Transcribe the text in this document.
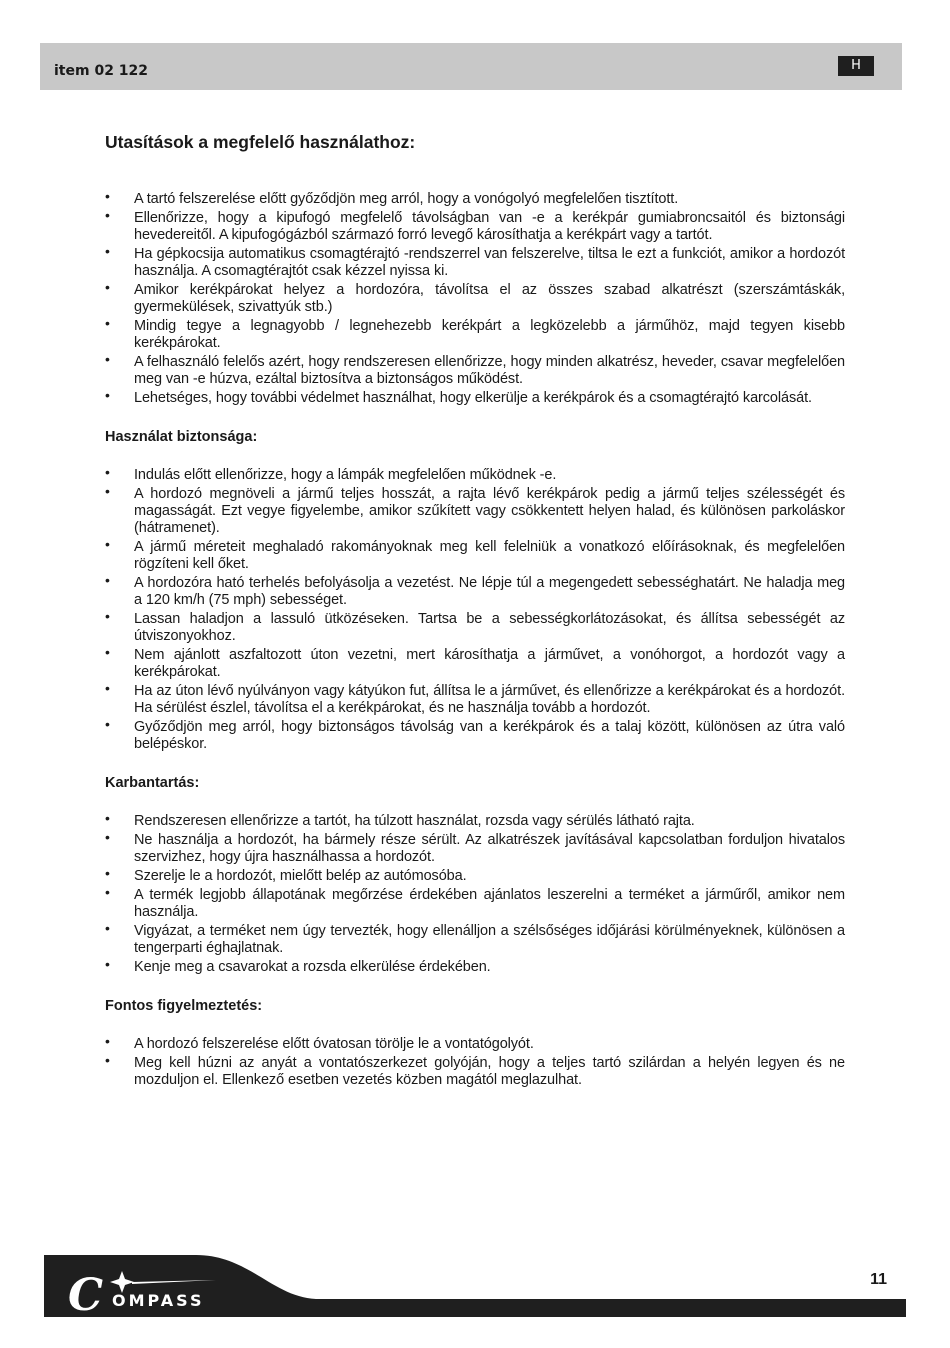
item 02 122	H
Utasítások a megfelelő használathoz:
• A tartó felszerelése előtt győződjön meg arról, hogy a vonógolyó megfelelően tisztított.
• Ellenőrizze, hogy a kipufogó megfelelő távolságban van -e a kerékpár gumiabroncsaitól és biztonsági hevedereitől. A kipufogógázból származó forró levegő károsíthatja a kerékpárt vagy a tartót.
• Ha gépkocsija automatikus csomagtérajtó -rendszerrel van felszerelve, tiltsa le ezt a funkciót, amikor a hordozót használja. A csomagtérajtót csak kézzel nyissa ki.
• Amikor kerékpárokat helyez a hordozóra, távolítsa el az összes szabad alkatrészt (szerszámtáskák, gyermekülések, szivattyúk stb.)
• Mindig tegye a legnagyobb / legnehezebb kerékpárt a legközelebb a járműhöz, majd tegyen kisebb kerékpárokat.
• A felhasználó felelős azért, hogy rendszeresen ellenőrizze, hogy minden alkatrész, heveder, csavar megfelelően meg van -e húzva, ezáltal biztosítva a biztonságos működést.
• Lehetséges, hogy további védelmet használhat, hogy elkerülje a kerékpárok és a csomagtérajtó karcolását.
Használat biztonsága:
• Indulás előtt ellenőrizze, hogy a lámpák megfelelően működnek -e.
• A hordozó megnöveli a jármű teljes hosszát, a rajta lévő kerékpárok pedig a jármű teljes szélességét és magasságát. Ezt vegye figyelembe, amikor szűkített vagy csökkentett helyen halad, és különösen parkoláskor (hátramenet).
• A jármű méreteit meghaladó rakományoknak meg kell felelniük a vonatkozó előírásoknak, és megfelelően rögzíteni kell őket.
• A hordozóra ható terhelés befolyásolja a vezetést. Ne lépje túl a megengedett sebességhatárt. Ne haladja meg a 120 km/h (75 mph) sebességet.
• Lassan haladjon a lassuló ütközéseken. Tartsa be a sebességkorlátozásokat, és állítsa sebességét az útviszonyokhoz.
• Nem ajánlott aszfaltozott úton vezetni, mert károsíthatja a járművet, a vonóhorgot, a hordozót vagy a kerékpárokat.
• Ha az úton lévő nyúlványon vagy kátyúkon fut, állítsa le a járművet, és ellenőrizze a kerékpárokat és a hordozót. Ha sérülést észlel, távolítsa el a kerékpárokat, és ne használja tovább a hordozót.
• Győződjön meg arról, hogy biztonságos távolság van a kerékpárok és a talaj között, különösen az útra való belépéskor.
Karbantartás:
• Rendszeresen ellenőrizze a tartót, ha túlzott használat, rozsda vagy sérülés látható rajta.
• Ne használja a hordozót, ha bármely része sérült. Az alkatrészek javításával kapcsolatban forduljon hivatalos szervizhez, hogy újra használhassa a hordozót.
• Szerelje le a hordozót, mielőtt belép az autómosóba.
• A termék legjobb állapotának megőrzése érdekében ajánlatos leszerelni a terméket a járműről, amikor nem használja.
• Vigyázat, a terméket nem úgy tervezték, hogy ellenálljon a szélsőséges időjárási körülményeknek, különösen a tengerparti éghajlatnak.
• Kenje meg a csavarokat a rozsda elkerülése érdekében.
Fontos figyelmeztetés:
• A hordozó felszerelése előtt óvatosan törölje le a vontatógolyót.
• Meg kell húzni az anyát a vontatószerkezet golyóján, hogy a teljes tartó szilárdan a helyén legyen és ne mozduljon el. Ellenkező esetben vezetés közben magától meglazulhat.
C OMPASS
11
